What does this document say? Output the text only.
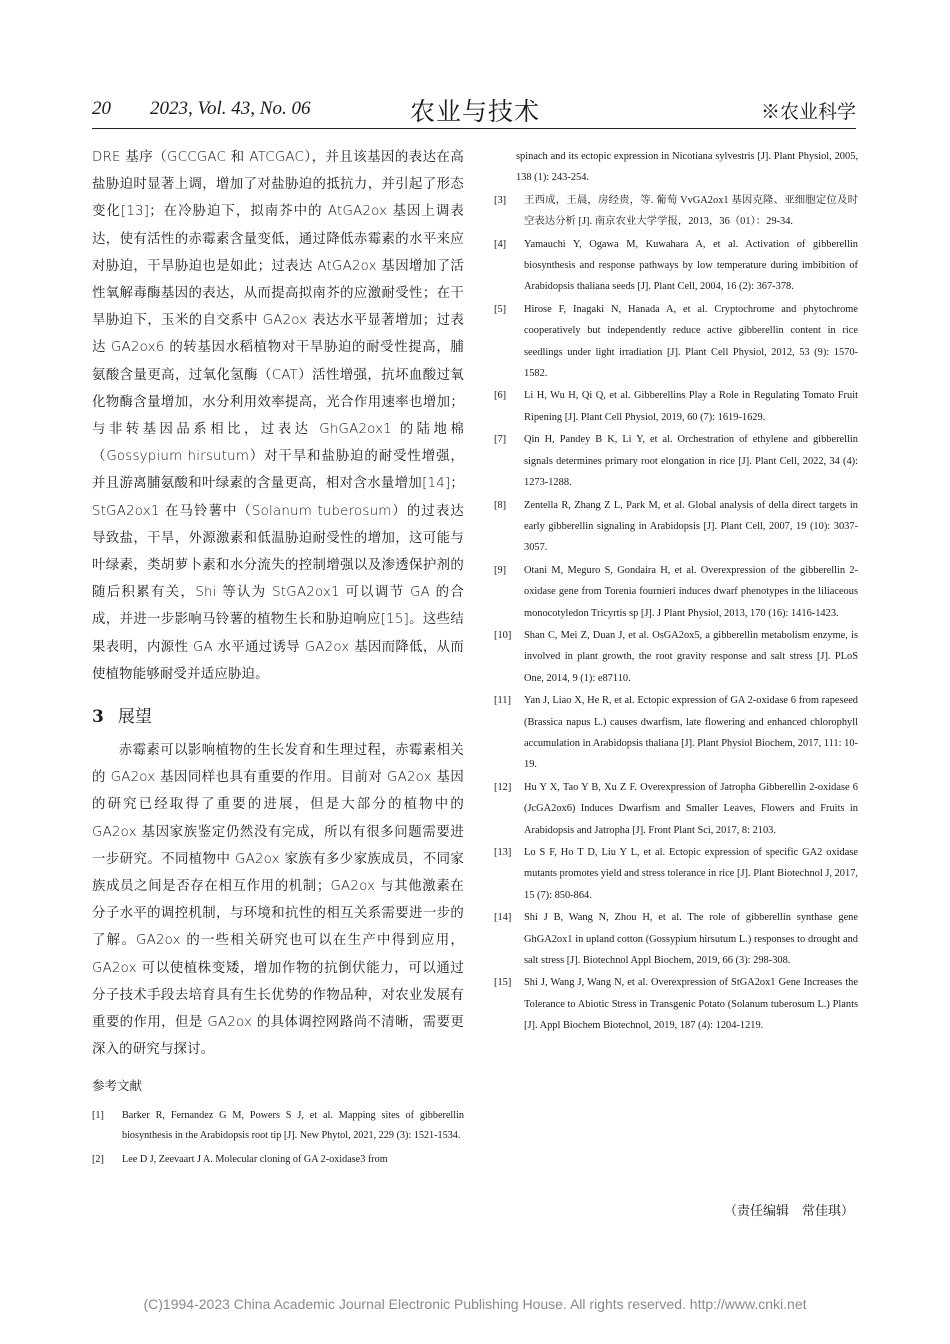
20 2023, Vol. 43, No. 06	农业与技术	※农业科学

DRE 基序（GCCGAC 和 ATCGAC），并且该基因的表达在高盐胁迫时显著上调，增加了对盐胁迫的抵抗力，并引起了形态变化[13]；在冷胁迫下，拟南芥中的 AtGA2ox 基因上调表达，使有活性的赤霉素含量变低，通过降低赤霉素的水平来应对胁迫，干旱胁迫也是如此；过表达 AtGA2ox 基因增加了活性氧解毒酶基因的表达，从而提高拟南芥的应激耐受性；在干旱胁迫下，玉米的自交系中 GA2ox 表达水平显著增加；过表达 GA2ox6 的转基因水稻植物对干旱胁迫的耐受性提高，脯氨酸含量更高，过氧化氢酶（CAT）活性增强，抗坏血酸过氧化物酶含量增加，水分利用效率提高，光合作用速率也增加；与非转基因品系相比，过表达 GhGA2ox1 的陆地棉（Gossypium hirsutum）对干旱和盐胁迫的耐受性增强，并且游离脯氨酸和叶绿素的含量更高，相对含水量增加[14]；StGA2ox1 在马铃薯中（Solanum tuberosum）的过表达导致盐，干旱，外源激素和低温胁迫耐受性的增加，这可能与叶绿素，类胡萝卜素和水分流失的控制增强以及渗透保护剂的随后积累有关，Shi 等认为 StGA2ox1 可以调节 GA 的合成，并进一步影响马铃薯的植物生长和胁迫响应[15]。这些结果表明，内源性 GA 水平通过诱导 GA2ox 基因而降低，从而使植物能够耐受并适应胁迫。

3 展望

赤霉素可以影响植物的生长发育和生理过程，赤霉素相关的 GA2ox 基因同样也具有重要的作用。目前对 GA2ox 基因的研究已经取得了重要的进展，但是大部分的植物中的 GA2ox 基因家族鉴定仍然没有完成，所以有很多问题需要进一步研究。不同植物中 GA2ox 家族有多少家族成员，不同家族成员之间是否存在相互作用的机制；GA2ox 与其他激素在分子水平的调控机制，与环境和抗性的相互关系需要进一步的了解。GA2ox 的一些相关研究也可以在生产中得到应用，GA2ox 可以使植株变矮，增加作物的抗倒伏能力，可以通过分子技术手段去培育具有生长优势的作物品种，对农业发展有重要的作用，但是 GA2ox 的具体调控网路尚不清晰，需要更深入的研究与探讨。

参考文献
[1]	Barker R, Fernandez G M, Powers S J, et al. Mapping sites of gibberellin biosynthesis in the Arabidopsis root tip [J]. New Phytol, 2021, 229 (3): 1521-1534.
[2]	Lee D J, Zeevaart J A. Molecular cloning of GA 2-oxidase3 from
spinach and its ectopic expression in Nicotiana sylvestris [J]. Plant Physiol, 2005, 138 (1): 243-254.
[3]	王西成，王晨，房经贵，等. 葡萄 VvGA2ox1 基因克隆、亚细胞定位及时空表达分析 [J]. 南京农业大学学报，2013，36（01）：29-34.
[4]	Yamauchi Y, Ogawa M, Kuwahara A, et al. Activation of gibberellin biosynthesis and response pathways by low temperature during imbibition of Arabidopsis thaliana seeds [J]. Plant Cell, 2004, 16 (2): 367-378.
[5]	Hirose F, Inagaki N, Hanada A, et al. Cryptochrome and phytochrome cooperatively but independently reduce active gibberellin content in rice seedlings under light irradiation [J]. Plant Cell Physiol, 2012, 53 (9): 1570-1582.
[6]	Li H, Wu H, Qi Q, et al. Gibberellins Play a Role in Regulating Tomato Fruit Ripening [J]. Plant Cell Physiol, 2019, 60 (7): 1619-1629.
[7]	Qin H, Pandey B K, Li Y, et al. Orchestration of ethylene and gibberellin signals determines primary root elongation in rice [J]. Plant Cell, 2022, 34 (4): 1273-1288.
[8]	Zentella R, Zhang Z L, Park M, et al. Global analysis of della direct targets in early gibberellin signaling in Arabidopsis [J]. Plant Cell, 2007, 19 (10): 3037-3057.
[9]	Otani M, Meguro S, Gondaira H, et al. Overexpression of the gibberellin 2-oxidase gene from Torenia fournieri induces dwarf phenotypes in the liliaceous monocotyledon Tricyrtis sp [J]. J Plant Physiol, 2013, 170 (16): 1416-1423.
[10]	Shan C, Mei Z, Duan J, et al. OsGA2ox5, a gibberellin metabolism enzyme, is involved in plant growth, the root gravity response and salt stress [J]. PLoS One, 2014, 9 (1): e87110.
[11]	Yan J, Liao X, He R, et al. Ectopic expression of GA 2-oxidase 6 from rapeseed (Brassica napus L.) causes dwarfism, late flowering and enhanced chlorophyll accumulation in Arabidopsis thaliana [J]. Plant Physiol Biochem, 2017, 111: 10-19.
[12]	Hu Y X, Tao Y B, Xu Z F. Overexpression of Jatropha Gibberellin 2-oxidase 6 (JcGA2ox6) Induces Dwarfism and Smaller Leaves, Flowers and Fruits in Arabidopsis and Jatropha [J]. Front Plant Sci, 2017, 8: 2103.
[13]	Lo S F, Ho T D, Liu Y L, et al. Ectopic expression of specific GA2 oxidase mutants promotes yield and stress tolerance in rice [J]. Plant Biotechnol J, 2017, 15 (7): 850-864.
[14]	Shi J B, Wang N, Zhou H, et al. The role of gibberellin synthase gene GhGA2ox1 in upland cotton (Gossypium hirsutum L.) responses to drought and salt stress [J]. Biotechnol Appl Biochem, 2019, 66 (3): 298-308.
[15]	Shi J, Wang J, Wang N, et al. Overexpression of StGA2ox1 Gene Increases the Tolerance to Abiotic Stress in Transgenic Potato (Solanum tuberosum L.) Plants [J]. Appl Biochem Biotechnol, 2019, 187 (4): 1204-1219.
（责任编辑　常佳琪）
(C)1994-2023 China Academic Journal Electronic Publishing House. All rights reserved. http://www.cnki.net
